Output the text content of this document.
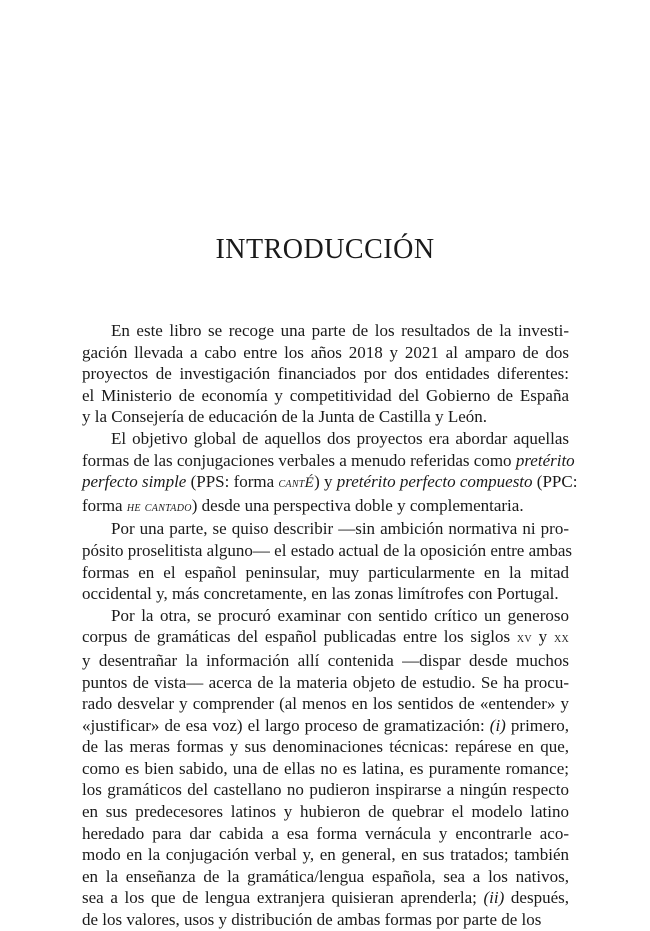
INTRODUCCIÓN

En este libro se recoge una parte de los resultados de la investi-
gación llevada a cabo entre los años 2018 y 2021 al amparo de dos
proyectos de investigación financiados por dos entidades diferentes:
el Ministerio de economía y competitividad del Gobierno de España
y la Consejería de educación de la Junta de Castilla y León.

El objetivo global de aquellos dos proyectos era abordar aquellas
formas de las conjugaciones verbales a menudo referidas como pretérito
perfecto simple (PPS: forma cantÉ) y pretérito perfecto compuesto (PPC:
forma he cantado) desde una perspectiva doble y complementaria.

Por una parte, se quiso describir —sin ambición normativa ni pro-
pósito proselitista alguno— el estado actual de la oposición entre ambas
formas en el español peninsular, muy particularmente en la mitad
occidental y, más concretamente, en las zonas limítrofes con Portugal.

Por la otra, se procuró examinar con sentido crítico un generoso
corpus de gramáticas del español publicadas entre los siglos xv y xx
y desentrañar la información allí contenida —dispar desde muchos
puntos de vista— acerca de la materia objeto de estudio. Se ha procu-
rado desvelar y comprender (al menos en los sentidos de «entender» y
«justificar» de esa voz) el largo proceso de gramatización: (i) primero,
de las meras formas y sus denominaciones técnicas: repárese en que,
como es bien sabido, una de ellas no es latina, es puramente romance;
los gramáticos del castellano no pudieron inspirarse a ningún respecto
en sus predecesores latinos y hubieron de quebrar el modelo latino
heredado para dar cabida a esa forma vernácula y encontrarle aco-
modo en la conjugación verbal y, en general, en sus tratados; también
en la enseñanza de la gramática/lengua española, sea a los nativos,
sea a los que de lengua extranjera quisieran aprenderla; (ii) después,
de los valores, usos y distribución de ambas formas por parte de los
